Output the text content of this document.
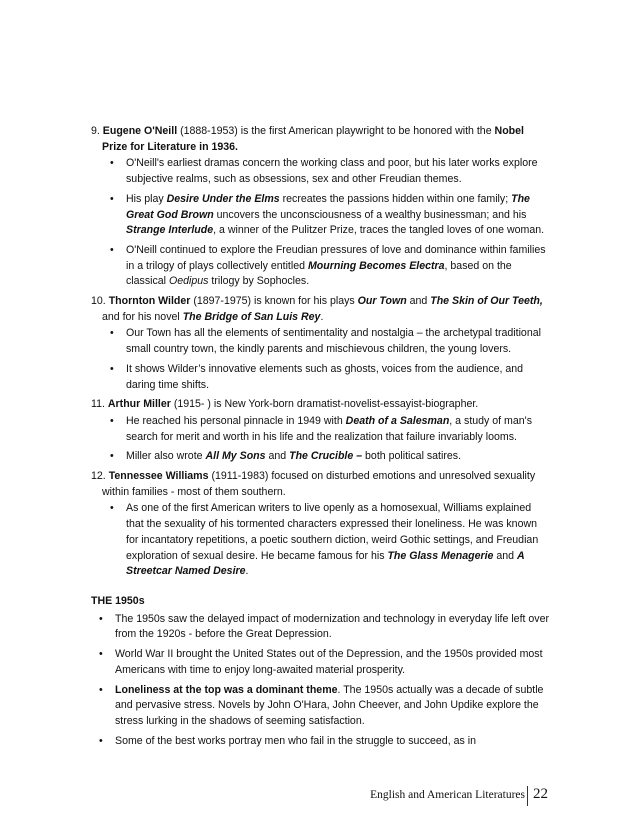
9. Eugene O'Neill (1888-1953) is the first American playwright to be honored with the Nobel Prize for Literature in 1936.

• O'Neill's earliest dramas concern the working class and poor, but his later works explore subjective realms, such as obsessions, sex and other Freudian themes.
• His play Desire Under the Elms recreates the passions hidden within one family; The Great God Brown uncovers the unconsciousness of a wealthy businessman; and his Strange Interlude, a winner of the Pulitzer Prize, traces the tangled loves of one woman.
• O'Neill continued to explore the Freudian pressures of love and dominance within families in a trilogy of plays collectively entitled Mourning Becomes Electra, based on the classical Oedipus trilogy by Sophocles.

10. Thornton Wilder (1897-1975) is known for his plays Our Town and The Skin of Our Teeth, and for his novel The Bridge of San Luis Rey.

• Our Town has all the elements of sentimentality and nostalgia – the archetypal traditional small country town, the kindly parents and mischievous children, the young lovers.
• It shows Wilder’s innovative elements such as ghosts, voices from the audience, and daring time shifts.

11. Arthur Miller (1915- ) is New York-born dramatist-novelist-essayist-biographer.

• He reached his personal pinnacle in 1949 with Death of a Salesman, a study of man's search for merit and worth in his life and the realization that failure invariably looms.
• Miller also wrote All My Sons and The Crucible – both political satires.

12. Tennessee Williams (1911-1983) focused on disturbed emotions and unresolved sexuality within families - most of them southern.

• As one of the first American writers to live openly as a homosexual, Williams explained that the sexuality of his tormented characters expressed their loneliness. He was known for incantatory repetitions, a poetic southern diction, weird Gothic settings, and Freudian exploration of sexual desire. He became famous for his The Glass Menagerie and A Streetcar Named Desire.
THE 1950s
• The 1950s saw the delayed impact of modernization and technology in everyday life left over from the 1920s - before the Great Depression.
• World War II brought the United States out of the Depression, and the 1950s provided most Americans with time to enjoy long-awaited material prosperity.
• Loneliness at the top was a dominant theme. The 1950s actually was a decade of subtle and pervasive stress. Novels by John O'Hara, John Cheever, and John Updike explore the stress lurking in the shadows of seeming satisfaction.
• Some of the best works portray men who fail in the struggle to succeed, as in
English and American Literatures 22
